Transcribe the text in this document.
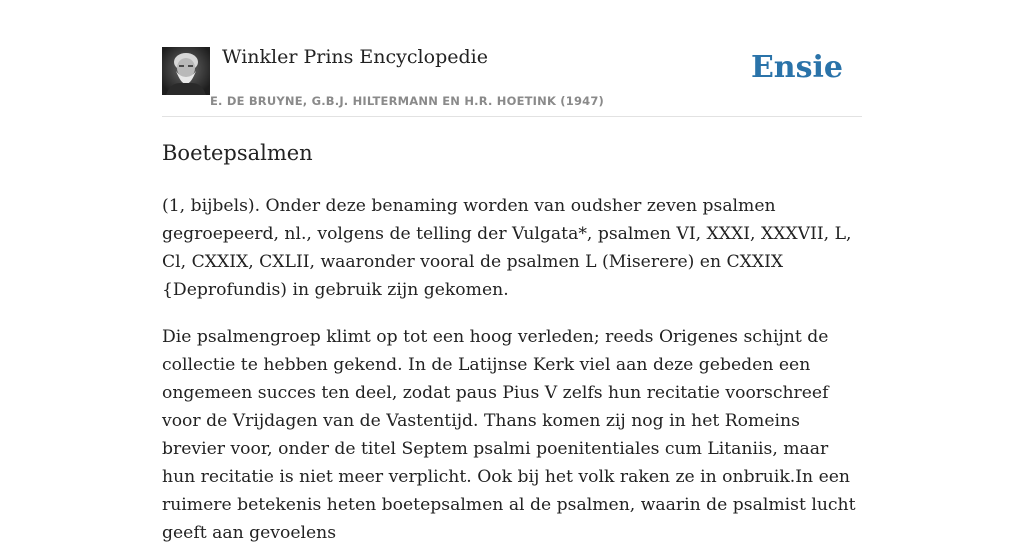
Winkler Prins Encyclopedie
E. DE BRUYNE, G.B.J. HILTERMANN EN H.R. HOETINK (1947)
Ensie
Boetepsalmen

(1, bijbels). Onder deze benaming worden van oudsher zeven psalmen gegroepeerd, nl., volgens de telling der Vulgata*, psalmen VI, XXXI, XXXVII, L, Cl, CXXIX, CXLII, waaronder vooral de psalmen L (Miserere) en CXXIX {Deprofundis) in gebruik zijn gekomen.

Die psalmengroep klimt op tot een hoog verleden; reeds Origenes schijnt de collectie te hebben gekend. In de Latijnse Kerk viel aan deze gebeden een ongemeen succes ten deel, zodat paus Pius V zelfs hun recitatie voorschreef voor de Vrijdagen van de Vastentijd. Thans komen zij nog in het Romeins brevier voor, onder de titel Septem psalmi poenitentiales cum Litaniis, maar hun recitatie is niet meer verplicht. Ook bij het volk raken ze in onbruik.In een ruimere betekenis heten boetepsalmen al de psalmen, waarin de psalmist lucht geeft aan gevoelens
